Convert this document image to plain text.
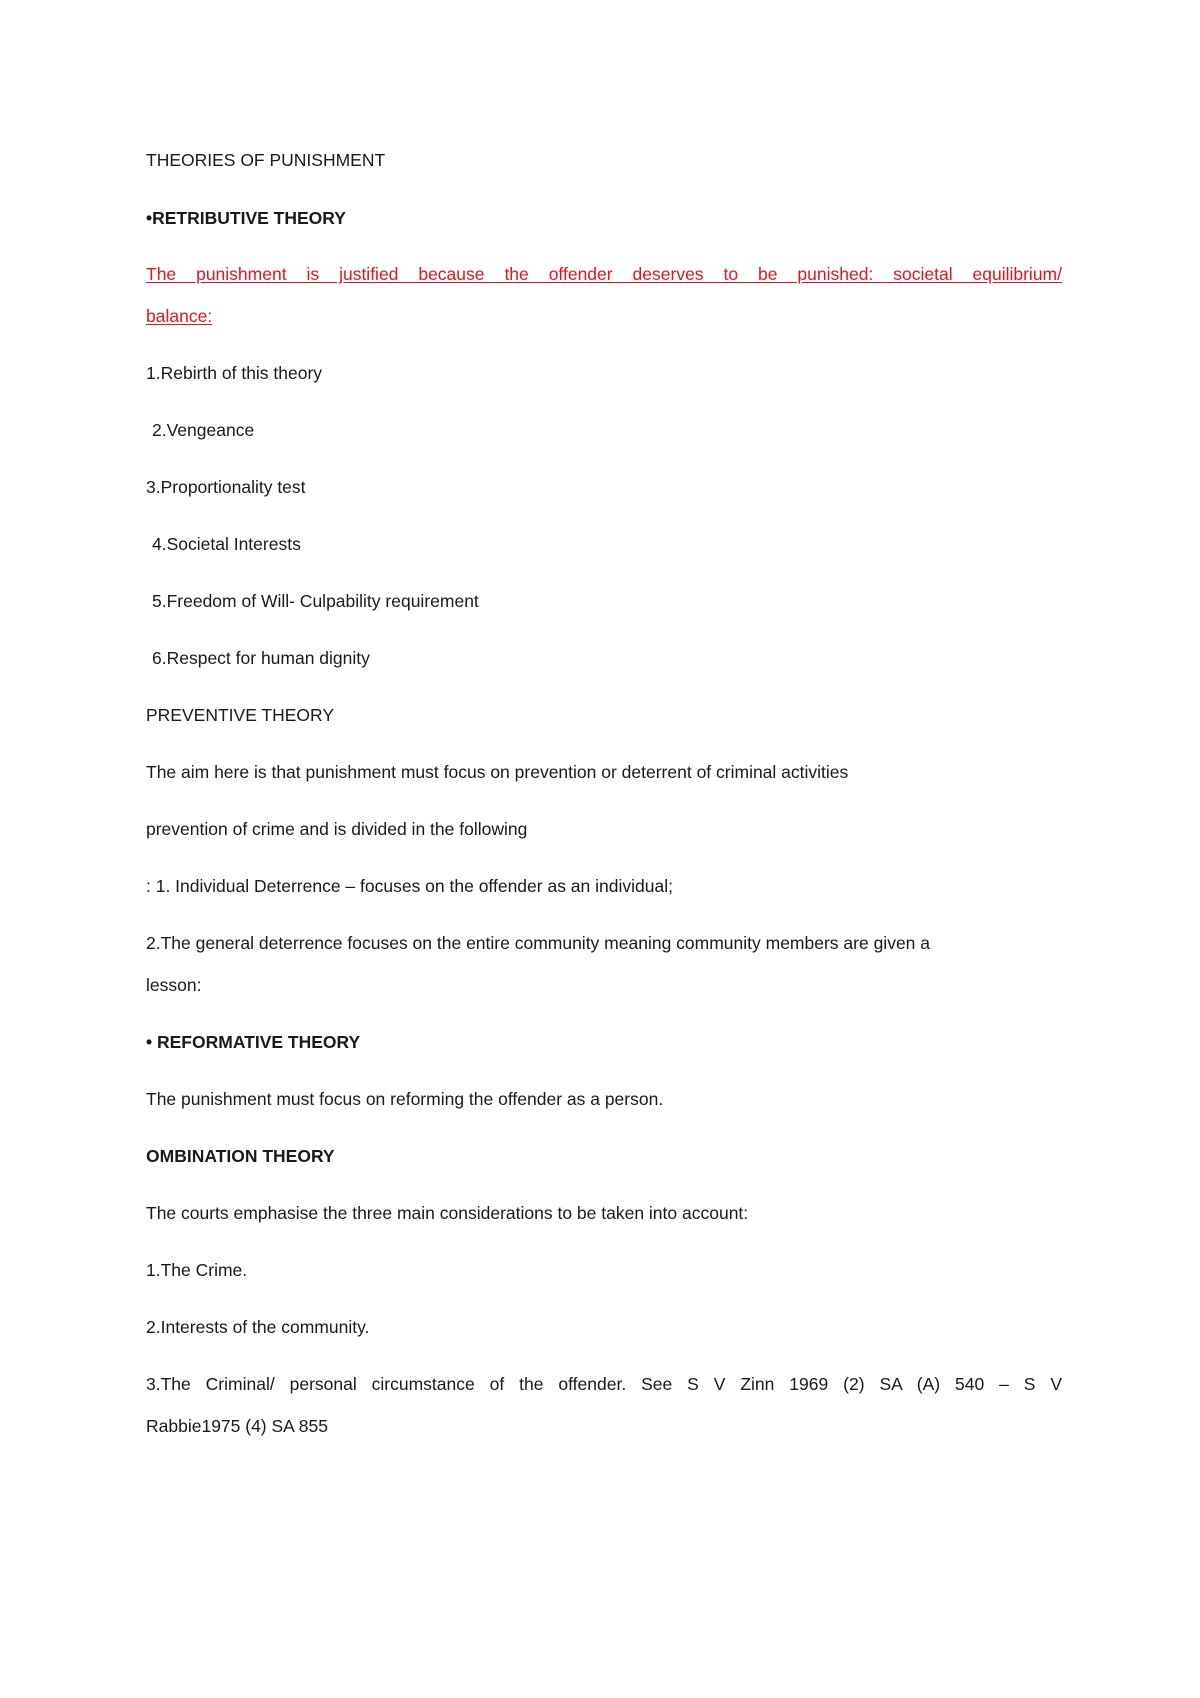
THEORIES OF PUNISHMENT
•RETRIBUTIVE THEORY
The punishment is justified because the offender deserves to be punished: societal equilibrium/
balance:
1.Rebirth of this theory
2.Vengeance
3.Proportionality test
4.Societal Interests
5.Freedom of Will- Culpability requirement
6.Respect for human dignity
PREVENTIVE THEORY
The aim here is that punishment must focus on prevention or deterrent of criminal activities
prevention of crime and is divided in the following
: 1. Individual Deterrence – focuses on the offender as an individual;
2.The general deterrence focuses on the entire community meaning community members are given a
lesson:
• REFORMATIVE THEORY
The punishment must focus on reforming the offender as a person.
OMBINATION THEORY
The courts emphasise the three main considerations to be taken into account:
1.The Crime.
2.Interests of the community.
3.The Criminal/ personal circumstance of the offender. See S V Zinn 1969 (2) SA (A) 540 – S V
Rabbie1975 (4) SA 855
